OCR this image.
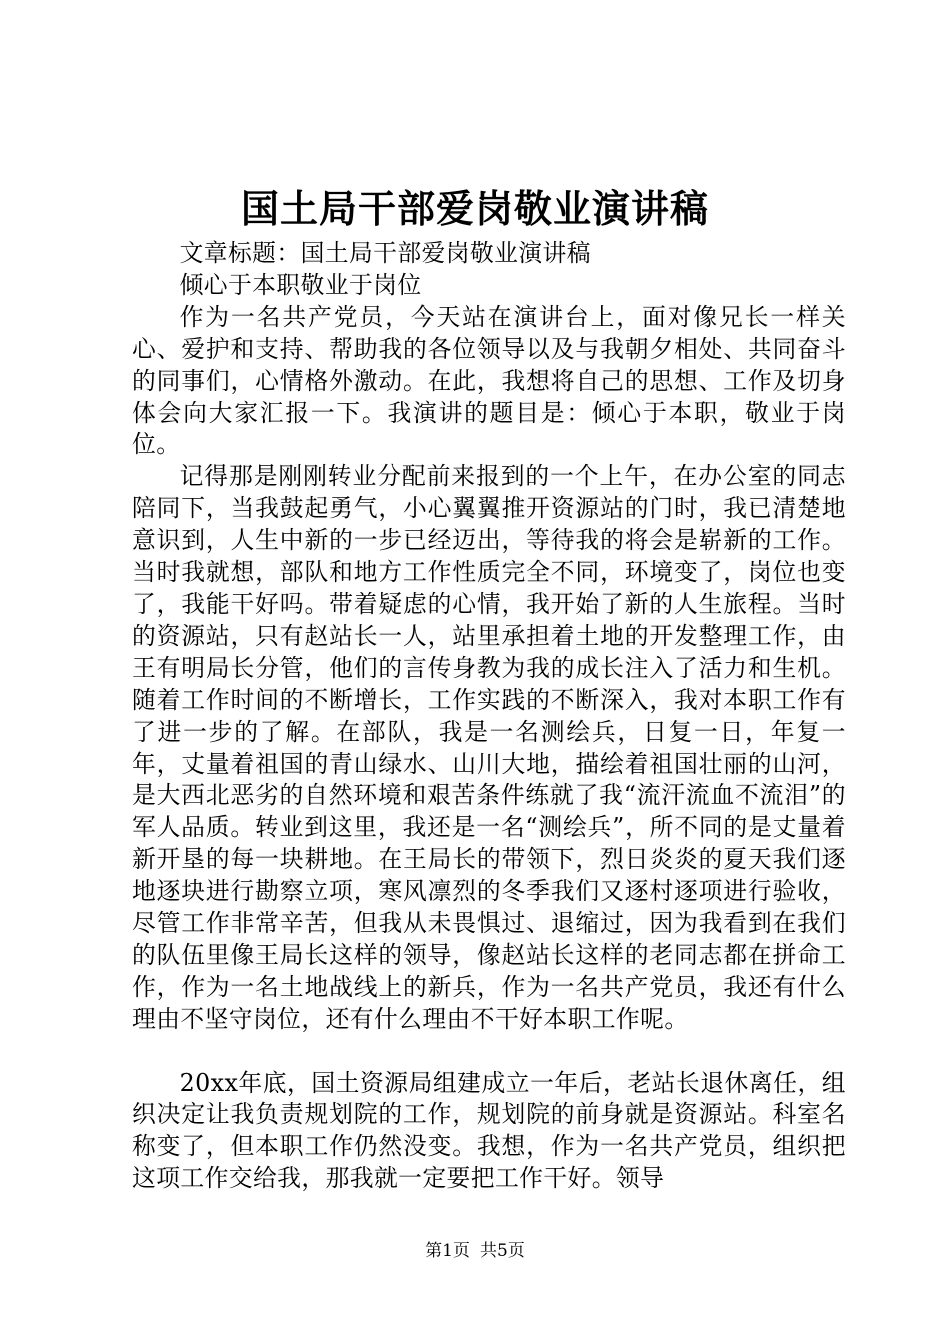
国土局干部爱岗敬业演讲稿

文章标题：国土局干部爱岗敬业演讲稿

倾心于本职敬业于岗位

作为一名共产党员，今天站在演讲台上，面对像兄长一样关心、爱护和支持、帮助我的各位领导以及与我朝夕相处、共同奋斗的同事们，心情格外激动。在此，我想将自己的思想、工作及切身体会向大家汇报一下。我演讲的题目是：倾心于本职，敬业于岗位。

记得那是刚刚转业分配前来报到的一个上午，在办公室的同志陪同下，当我鼓起勇气，小心翼翼推开资源站的门时，我已清楚地意识到，人生中新的一步已经迈出，等待我的将会是崭新的工作。当时我就想，部队和地方工作性质完全不同，环境变了，岗位也变了，我能干好吗。带着疑虑的心情，我开始了新的人生旅程。当时的资源站，只有赵站长一人，站里承担着土地的开发整理工作，由王有明局长分管，他们的言传身教为我的成长注入了活力和生机。随着工作时间的不断增长，工作实践的不断深入，我对本职工作有了进一步的了解。在部队，我是一名测绘兵，日复一日，年复一年，丈量着祖国的青山绿水、山川大地，描绘着祖国壮丽的山河，是大西北恶劣的自然环境和艰苦条件练就了我“流汗流血不流泪”的军人品质。转业到这里，我还是一名“测绘兵”，所不同的是丈量着新开垦的每一块耕地。在王局长的带领下，烈日炎炎的夏天我们逐地逐块进行勘察立项，寒风凛烈的冬季我们又逐村逐项进行验收，尽管工作非常辛苦，但我从未畏惧过、退缩过，因为我看到在我们的队伍里像王局长这样的领导，像赵站长这样的老同志都在拼命工作，作为一名土地战线上的新兵，作为一名共产党员，我还有什么理由不坚守岗位，还有什么理由不干好本职工作呢。

20xx年底，国土资源局组建成立一年后，老站长退休离任，组织决定让我负责规划院的工作，规划院的前身就是资源站。科室名称变了，但本职工作仍然没变。我想，作为一名共产党员，组织把这项工作交给我，那我就一定要把工作干好。领导

第1页 共5页
